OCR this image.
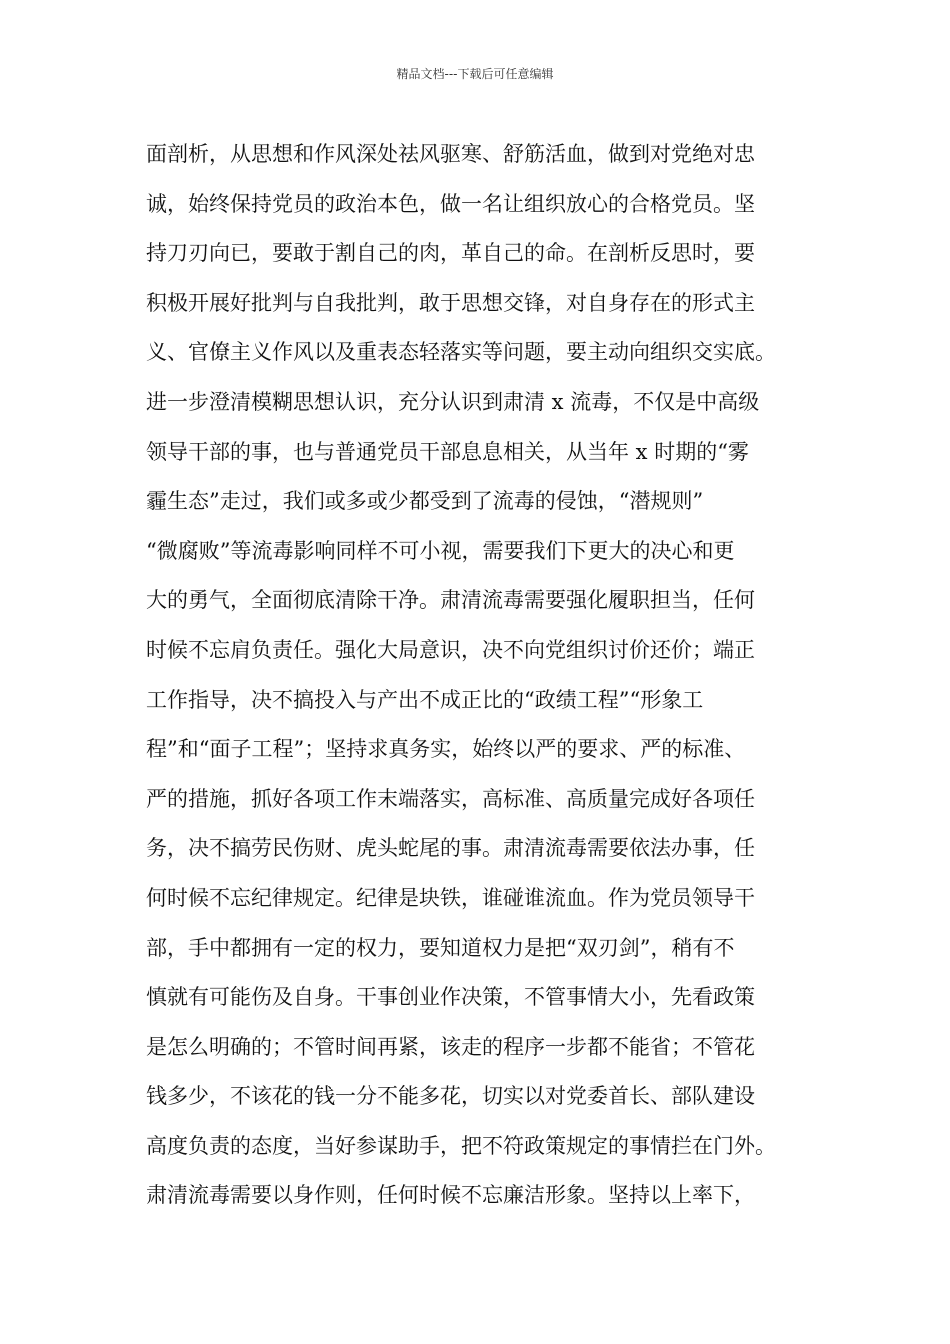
精品文档---下载后可任意编辑
面剖析，从思想和作风深处祛风驱寒、舒筋活血，做到对党绝对忠
诚，始终保持党员的政治本色，做一名让组织放心的合格党员。坚
持刀刃向已，要敢于割自己的肉，革自己的命。在剖析反思时，要
积极开展好批判与自我批判，敢于思想交锋，对自身存在的形式主
义、官僚主义作风以及重表态轻落实等问题，要主动向组织交实底。
进一步澄清模糊思想认识，充分认识到肃清 x 流毒，不仅是中高级
领导干部的事，也与普通党员干部息息相关，从当年 x 时期的“雾
霾生态”走过，我们或多或少都受到了流毒的侵蚀，“潜规则”
“微腐败”等流毒影响同样不可小视，需要我们下更大的决心和更
大的勇气，全面彻底清除干净。肃清流毒需要强化履职担当，任何
时候不忘肩负责任。强化大局意识，决不向党组织讨价还价；端正
工作指导，决不搞投入与产出不成正比的“政绩工程”“形象工
程”和“面子工程”；坚持求真务实，始终以严的要求、严的标准、
严的措施，抓好各项工作末端落实，高标准、高质量完成好各项任
务，决不搞劳民伤财、虎头蛇尾的事。肃清流毒需要依法办事，任
何时候不忘纪律规定。纪律是块铁，谁碰谁流血。作为党员领导干
部，手中都拥有一定的权力，要知道权力是把“双刃剑”，稍有不
慎就有可能伤及自身。干事创业作决策，不管事情大小，先看政策
是怎么明确的；不管时间再紧，该走的程序一步都不能省；不管花
钱多少，不该花的钱一分不能多花，切实以对党委首长、部队建设
高度负责的态度，当好参谋助手，把不符政策规定的事情拦在门外。
肃清流毒需要以身作则，任何时候不忘廉洁形象。坚持以上率下，
